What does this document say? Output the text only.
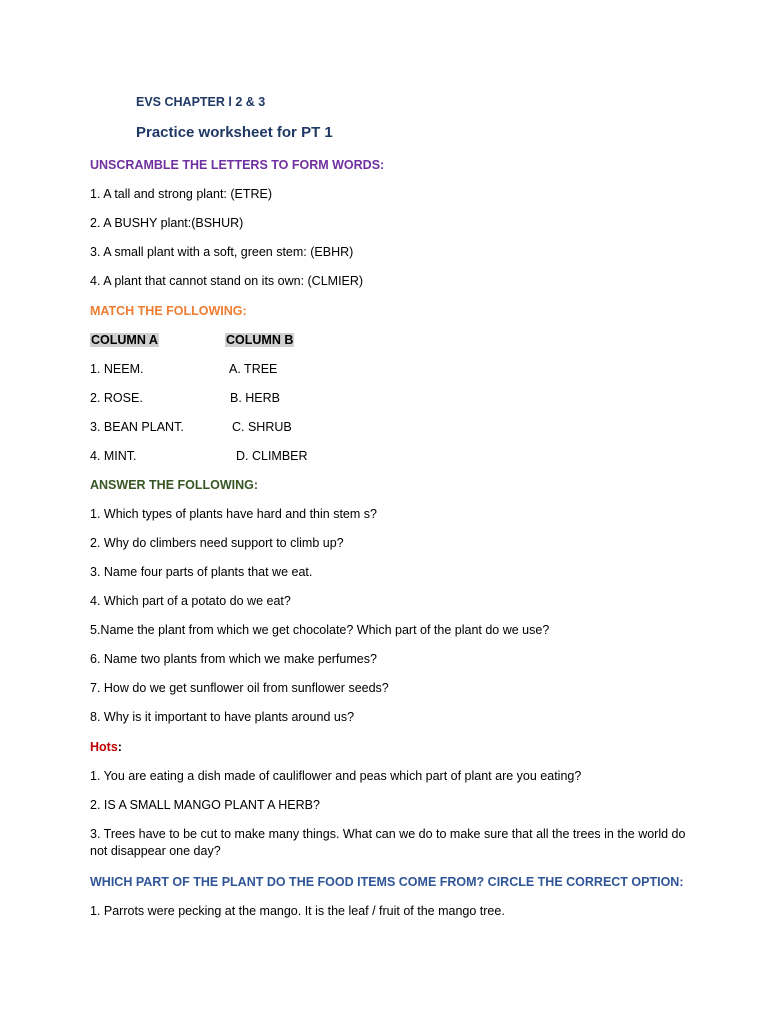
EVS CHAPTER l 2 & 3
Practice worksheet for PT 1
UNSCRAMBLE THE LETTERS TO FORM WORDS:
1. A tall and strong plant: (ETRE)
2. A BUSHY plant:(BSHUR)
3. A small plant with a soft, green stem: (EBHR)
4. A plant that cannot stand on its own: (CLMIER)
MATCH THE FOLLOWING:
COLUMN A	COLUMN B
1. NEEM.	A. TREE
2. ROSE.	B. HERB
3. BEAN PLANT.	C. SHRUB
4. MINT.	D. CLIMBER
ANSWER THE FOLLOWING:
1. Which types of plants have hard and thin stem s?
2. Why do climbers need support to climb up?
3. Name four parts of plants that we eat.
4. Which part of a potato do we eat?
5.Name the plant from which we get chocolate? Which part of the plant do we use?
6. Name two plants from which we make perfumes?
7. How do we get sunflower oil from sunflower seeds?
8. Why is it important to have plants around us?
Hots:
1. You are eating a dish made of cauliflower and peas which part of plant are you eating?
2. IS A SMALL MANGO PLANT A HERB?
3. Trees have to be cut to make many things. What can we do to make sure that all the trees in the world do not disappear one day?
WHICH PART OF THE PLANT DO THE FOOD ITEMS COME FROM? CIRCLE THE CORRECT OPTION:
1. Parrots were pecking at the mango. It is the leaf / fruit of the mango tree.
